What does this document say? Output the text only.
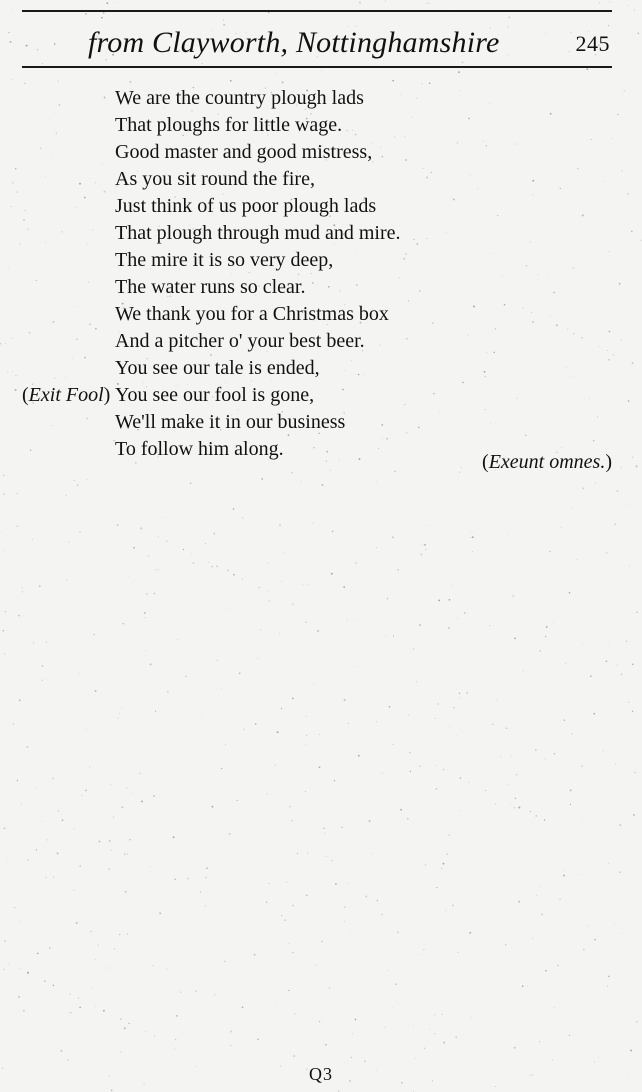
from Clayworth, Nottinghamshire	245
We are the country plough lads
That ploughs for little wage.
Good master and good mistress,
As you sit round the fire,
Just think of us poor plough lads
That plough through mud and mire.
The mire it is so very deep,
The water runs so clear.
We thank you for a Christmas box
And a pitcher o' your best beer.
You see our tale is ended,
(Exit Fool) You see our fool is gone,
We'll make it in our business
To follow him along.
(Exeunt omnes.)
Q3
